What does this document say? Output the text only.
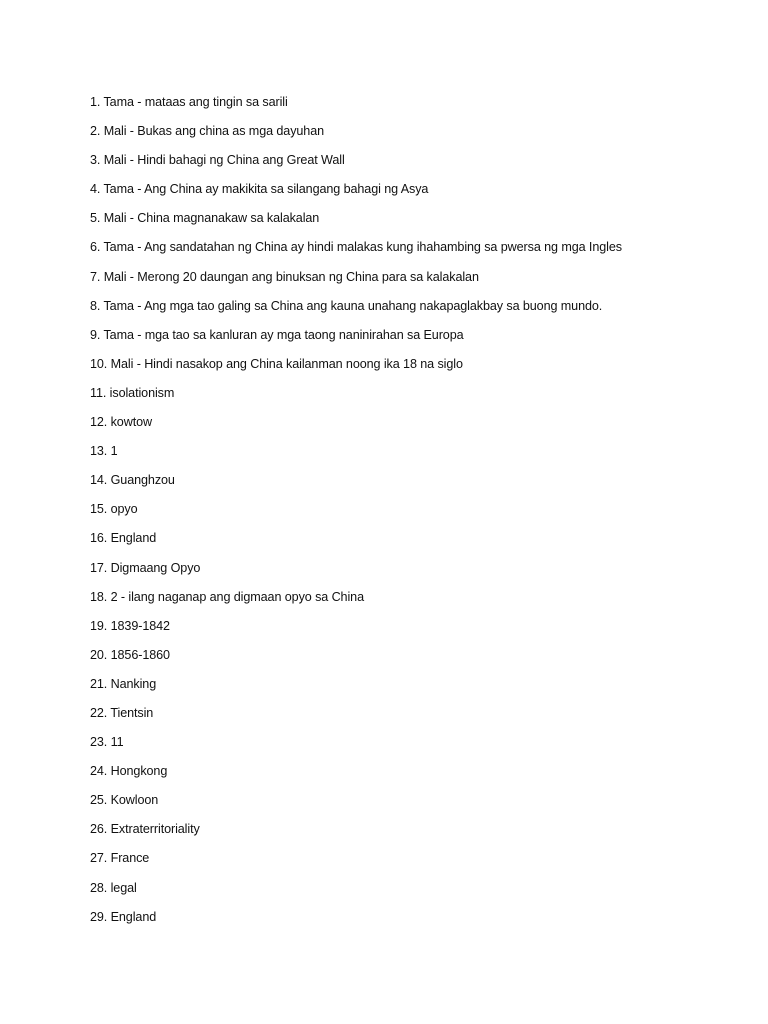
1. Tama - mataas ang tingin sa sarili
2. Mali - Bukas ang china as mga dayuhan
3. Mali - Hindi bahagi ng China ang Great Wall
4. Tama - Ang China ay makikita sa silangang bahagi ng Asya
5. Mali - China magnanakaw sa kalakalan
6. Tama - Ang sandatahan ng China ay hindi malakas kung ihahambing sa pwersa ng mga Ingles
7. Mali - Merong 20 daungan ang binuksan ng China para sa kalakalan
8. Tama - Ang mga tao galing sa China ang kauna unahang nakapaglakbay sa buong mundo.
9. Tama - mga tao sa kanluran ay mga taong naninirahan sa Europa
10. Mali - Hindi nasakop ang China kailanman noong ika 18 na siglo
11. isolationism
12. kowtow
13. 1
14. Guanghzou
15. opyo
16. England
17. Digmaang Opyo
18. 2 - ilang naganap ang digmaan opyo sa China
19. 1839-1842
20. 1856-1860
21. Nanking
22. Tientsin
23. 11
24. Hongkong
25. Kowloon
26. Extraterritoriality
27. France
28. legal
29. England
